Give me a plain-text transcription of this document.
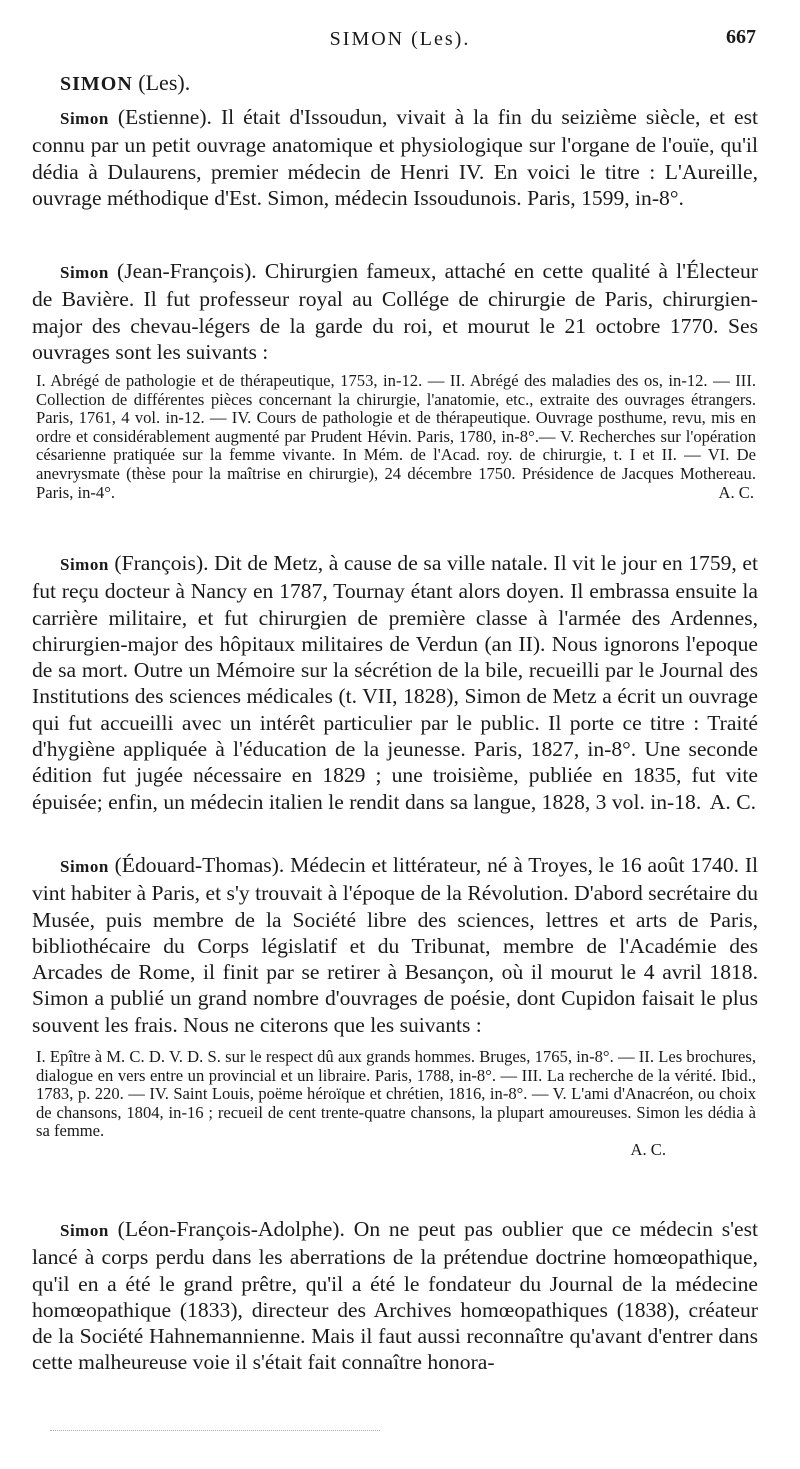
SIMON (Les).	667
SIMON (Les).

Simon (Estienne). Il était d'Issoudun, vivait à la fin du seizième siècle, et est connu par un petit ouvrage anatomique et physiologique sur l'organe de l'ouïe, qu'il dédia à Dulaurens, premier médecin de Henri IV. En voici le titre : L'Aureille, ouvrage méthodique d'Est. Simon, médecin Issoudunois. Paris, 1599, in-8°.

Simon (Jean-François). Chirurgien fameux, attaché en cette qualité à l'Électeur de Bavière. Il fut professeur royal au Collége de chirurgie de Paris, chirurgien-major des chevau-légers de la garde du roi, et mourut le 21 octobre 1770. Ses ouvrages sont les suivants :

I. Abrégé de pathologie et de thérapeutique, 1753, in-12. — II. Abrégé des maladies des os, in-12. — III. Collection de différentes pièces concernant la chirurgie, l'anatomie, etc., extraite des ouvrages étrangers. Paris, 1761, 4 vol. in-12. — IV. Cours de pathologie et de thérapeutique. Ouvrage posthume, revu, mis en ordre et considérablement augmenté par Prudent Hévin. Paris, 1780, in-8°.— V. Recherches sur l'opération césarienne pratiquée sur la femme vivante. In Mém. de l'Acad. roy. de chirurgie, t. I et II. — VI. De anevrysmate (thèse pour la maîtrise en chirurgie), 24 décembre 1750. Présidence de Jacques Mothereau. Paris, in-4°.	A. C.

Simon (François). Dit de Metz, à cause de sa ville natale. Il vit le jour en 1759, et fut reçu docteur à Nancy en 1787, Tournay étant alors doyen. Il embrassa ensuite la carrière militaire, et fut chirurgien de première classe à l'armée des Ardennes, chirurgien-major des hôpitaux militaires de Verdun (an II). Nous ignorons l'epoque de sa mort. Outre un Mémoire sur la sécrétion de la bile, recueilli par le Journal des Institutions des sciences médicales (t. VII, 1828), Simon de Metz a écrit un ouvrage qui fut accueilli avec un intérêt particulier par le public. Il porte ce titre : Traité d'hygiène appliquée à l'éducation de la jeunesse. Paris, 1827, in-8°. Une seconde édition fut jugée nécessaire en 1829 ; une troisième, publiée en 1835, fut vite épuisée; enfin, un médecin italien le rendit dans sa langue, 1828, 3 vol. in-18. A. C.

Simon (Édouard-Thomas). Médecin et littérateur, né à Troyes, le 16 août 1740. Il vint habiter à Paris, et s'y trouvait à l'époque de la Révolution. D'abord secrétaire du Musée, puis membre de la Société libre des sciences, lettres et arts de Paris, bibliothécaire du Corps législatif et du Tribunat, membre de l'Académie des Arcades de Rome, il finit par se retirer à Besançon, où il mourut le 4 avril 1818. Simon a publié un grand nombre d'ouvrages de poésie, dont Cupidon faisait le plus souvent les frais. Nous ne citerons que les suivants :

I. Epître à M. C. D. V. D. S. sur le respect dû aux grands hommes. Bruges, 1765, in-8°. — II. Les brochures, dialogue en vers entre un provincial et un libraire. Paris, 1788, in-8°. — III. La recherche de la vérité. Ibid., 1783, p. 220. — IV. Saint Louis, poëme héroïque et chrétien, 1816, in-8°. — V. L'ami d'Anacréon, ou choix de chansons, 1804, in-16 ; recueil de cent trente-quatre chansons, la plupart amoureuses. Simon les dédia à sa femme.
A. C.

Simon (Léon-François-Adolphe). On ne peut pas oublier que ce médecin s'est lancé à corps perdu dans les aberrations de la prétendue doctrine homœopathique, qu'il en a été le grand prêtre, qu'il a été le fondateur du Journal de la médecine homœopathique (1833), directeur des Archives homœopathiques (1838), créateur de la Société Hahnemannienne. Mais il faut aussi reconnaître qu'avant d'entrer dans cette malheureuse voie il s'était fait connaître honora-
